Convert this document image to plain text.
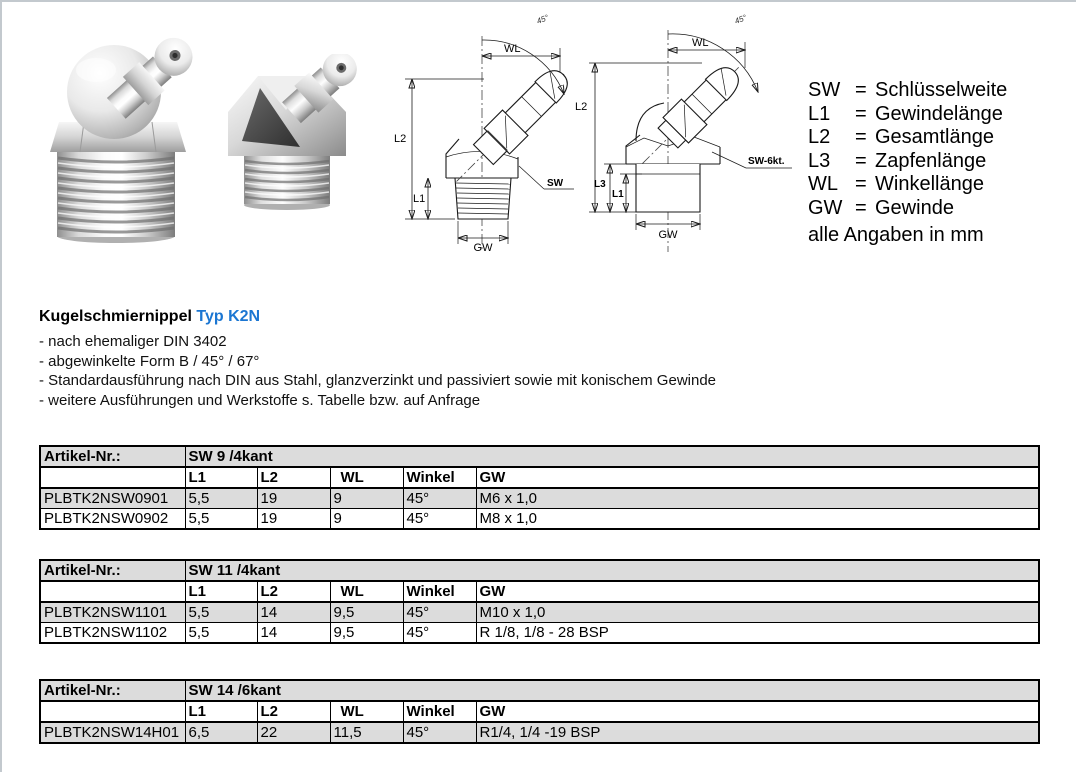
WL
45°
L2
L1
GW
SW
WL
45°
L2
L3
L1
GW
SW-6kt.
SW = Schlüsselweite
L1 = Gewindelänge
L2 = Gesamtlänge
L3 = Zapfenlänge
WL = Winkellänge
GW = Gewinde
alle Angaben in mm
Kugelschmiernippel Typ K2N
- nach ehemaliger DIN 3402
- abgewinkelte Form B / 45° / 67°
- Standardausführung nach DIN aus Stahl, glanzverzinkt und passiviert sowie mit konischem Gewinde
- weitere Ausführungen und Werkstoffe s. Tabelle bzw. auf Anfrage
Artikel-Nr.:	SW 9 /4kant				
	L1	L2	WL	Winkel	GW
PLBTK2NSW0901	5,5	19	9	45°	M6 x 1,0
PLBTK2NSW0902	5,5	19	9	45°	M8 x 1,0
Artikel-Nr.:	SW 11 /4kant				
	L1	L2	WL	Winkel	GW
PLBTK2NSW1101	5,5	14	9,5	45°	M10 x 1,0
PLBTK2NSW1102	5,5	14	9,5	45°	R 1/8, 1/8 - 28 BSP
Artikel-Nr.:	SW 14 /6kant				
	L1	L2	WL	Winkel	GW
PLBTK2NSW14H01	6,5	22	11,5	45°	R1/4, 1/4 -19 BSP
